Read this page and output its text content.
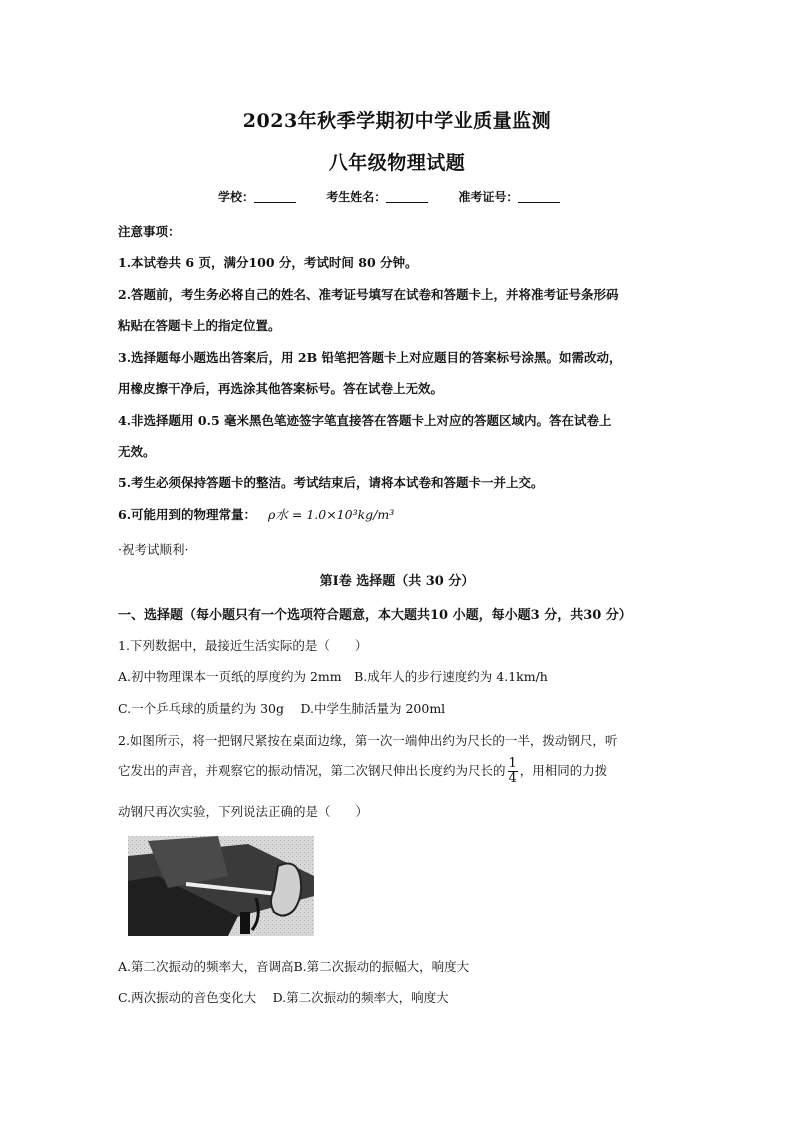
2023年秋季学期初中学业质量监测
八年级物理试题
学校：	考生姓名：	准考证号：
注意事项：
1.本试卷共 6 页，满分100 分，考试时间 80 分钟。
2.答题前，考生务必将自己的姓名、准考证号填写在试卷和答题卡上，并将准考证号条形码
粘贴在答题卡上的指定位置。
3.选择题每小题选出答案后，用 2B 铅笔把答题卡上对应题目的答案标号涂黑。如需改动，
用橡皮擦干净后，再选涂其他答案标号。答在试卷上无效。
4.非选择题用 0.5 毫米黑色笔迹签字笔直接答在答题卡上对应的答题区域内。答在试卷上
无效。
5.考生必须保持答题卡的整洁。考试结束后，请将本试卷和答题卡一并上交。
6.可能用到的物理常量： ρ水 = 1.0×10³kg/m³
·祝考试顺利·
第Ⅰ卷 选择题（共 30 分）
一、选择题（每小题只有一个选项符合题意，本大题共10 小题，每小题3 分，共30 分）
1.下列数据中，最接近生活实际的是（　　）
A.初中物理课本一页纸的厚度约为 2mm　B.成年人的步行速度约为 4.1km/h
C.一个乒乓球的质量约为 30g　 D.中学生肺活量为 200ml
2.如图所示，将一把钢尺紧按在桌面边缘，第一次一端伸出约为尺长的一半，拨动钢尺，听
它发出的声音，并观察它的振动情况，第二次钢尺伸出长度约为尺长的 $\frac{1}{4}$ ，用相同的力拨
动钢尺再次实验，下列说法正确的是（　　）
A.第二次振动的频率大，音调高B.第二次振动的振幅大，响度大
C.两次振动的音色变化大　 D.第二次振动的频率大，响度大
